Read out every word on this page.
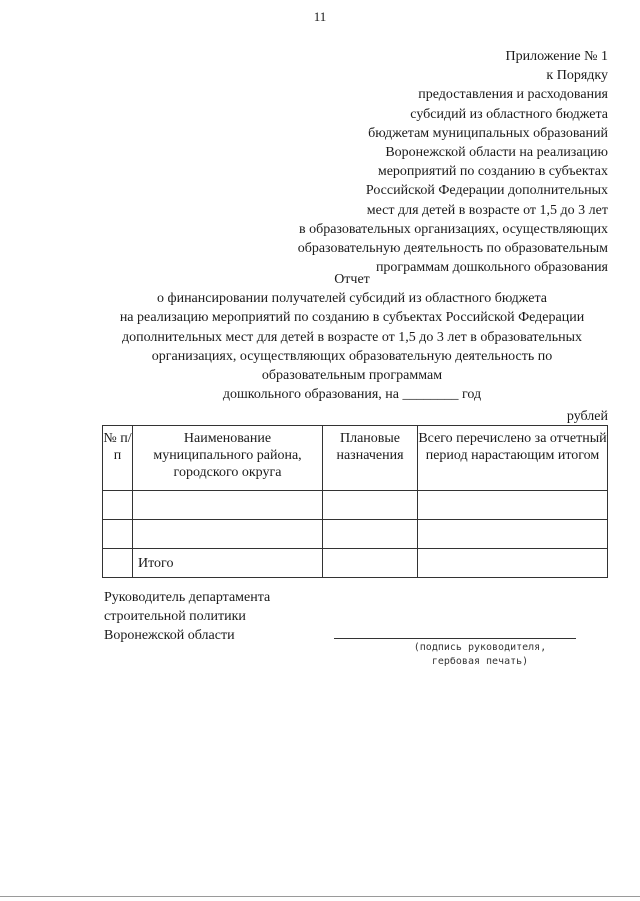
11
Приложение № 1
к Порядку
предоставления и расходования
субсидий из областного бюджета
бюджетам муниципальных образований
Воронежской области на реализацию
мероприятий по созданию в субъектах
Российской Федерации дополнительных
мест для детей в возрасте от 1,5 до 3 лет
в образовательных организациях, осуществляющих
образовательную деятельность по образовательным
программам дошкольного образования
Отчет
о финансировании получателей субсидий из областного бюджета
на реализацию мероприятий по созданию в субъектах Российской Федерации
дополнительных мест для детей в возрасте от 1,5 до 3 лет в образовательных
организациях, осуществляющих образовательную деятельность по
образовательным программам
дошкольного образования, на ________ год
рублей
№ п/п	Наименование муниципального района, городского округа	Плановые назначения	Всего перечислено за отчетный период нарастающим итогом

	Итого		
Руководитель департамента
строительной политики
Воронежской области
(подпись руководителя,
гербовая печать)
